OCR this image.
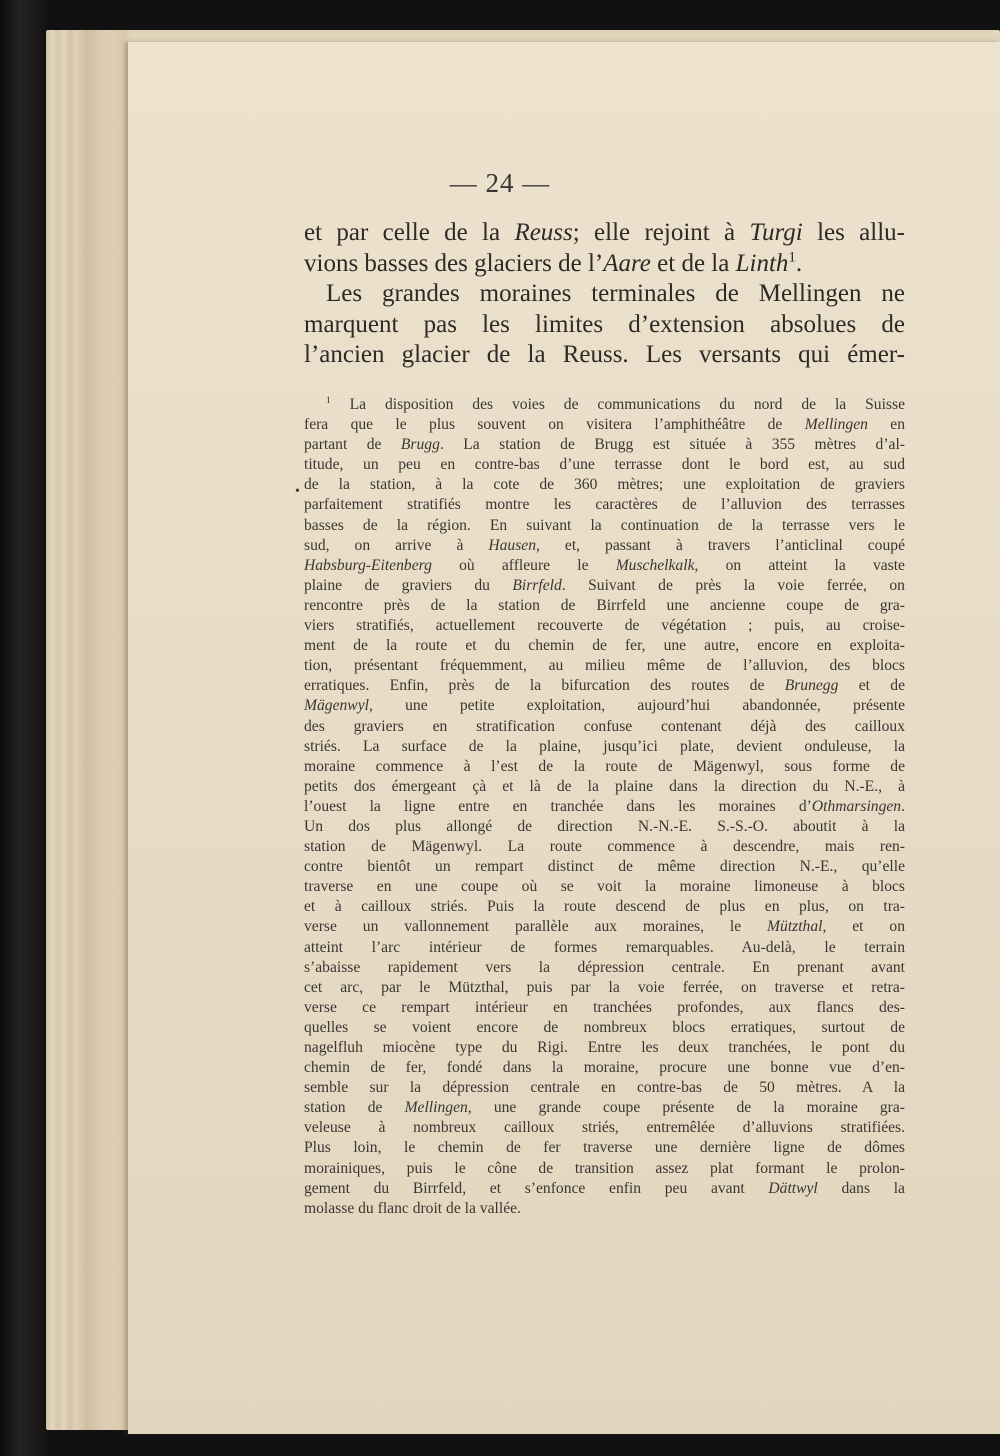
— 24 —

et par celle de la Reuss; elle rejoint à Turgi les allu-

vions basses des glaciers de l’Aare et de la Linth$^1$.

Les grandes moraines terminales de Mellingen ne

marquent pas les limites d’extension absolues de

l’ancien glacier de la Reuss. Les versants qui émer-

•
$^1$ La disposition des voies de communications du nord de la Suisse
fera que le plus souvent on visitera l’amphithéâtre de Mellingen en
partant de Brugg. La station de Brugg est située à 355 mètres d’al-
titude, un peu en contre-bas d’une terrasse dont le bord est, au sud
de la station, à la cote de 360 mètres; une exploitation de graviers
parfaitement stratifiés montre les caractères de l’alluvion des terrasses
basses de la région. En suivant la continuation de la terrasse vers le
sud, on arrive à Hausen, et, passant à travers l’anticlinal coupé
Habsburg-Eitenberg où affleure le Muschelkalk, on atteint la vaste
plaine de graviers du Birrfeld. Suivant de près la voie ferrée, on
rencontre près de la station de Birrfeld une ancienne coupe de gra-
viers stratifiés, actuellement recouverte de végétation ; puis, au croise-
ment de la route et du chemin de fer, une autre, encore en exploita-
tion, présentant fréquemment, au milieu même de l’alluvion, des blocs
erratiques. Enfin, près de la bifurcation des routes de Brunegg et de
Mägenwyl, une petite exploitation, aujourd’hui abandonnée, présente
des graviers en stratification confuse contenant déjà des cailloux
striés. La surface de la plaine, jusqu’ici plate, devient onduleuse, la
moraine commence à l’est de la route de Mägenwyl, sous forme de
petits dos émergeant çà et là de la plaine dans la direction du N.-E., à
l’ouest la ligne entre en tranchée dans les moraines d’Othmarsingen.
Un dos plus allongé de direction N.-N.-E. S.-S.-O. aboutit à la
station de Mägenwyl. La route commence à descendre, mais ren-
contre bientôt un rempart distinct de même direction N.-E., qu’elle
traverse en une coupe où se voit la moraine limoneuse à blocs
et à cailloux striés. Puis la route descend de plus en plus, on tra-
verse un vallonnement parallèle aux moraines, le Mützthal, et on
atteint l’arc intérieur de formes remarquables. Au-delà, le terrain
s’abaisse rapidement vers la dépression centrale. En prenant avant
cet arc, par le Mützthal, puis par la voie ferrée, on traverse et retra-
verse ce rempart intérieur en tranchées profondes, aux flancs des-
quelles se voient encore de nombreux blocs erratiques, surtout de
nagelfluh miocène type du Rigi. Entre les deux tranchées, le pont du
chemin de fer, fondé dans la moraine, procure une bonne vue d’en-
semble sur la dépression centrale en contre-bas de 50 mètres. A la
station de Mellingen, une grande coupe présente de la moraine gra-
veleuse à nombreux cailloux striés, entremêlée d’alluvions stratifiées.
Plus loin, le chemin de fer traverse une dernière ligne de dômes
morainiques, puis le cône de transition assez plat formant le prolon-
gement du Birrfeld, et s’enfonce enfin peu avant Dättwyl dans la
molasse du flanc droit de la vallée.
